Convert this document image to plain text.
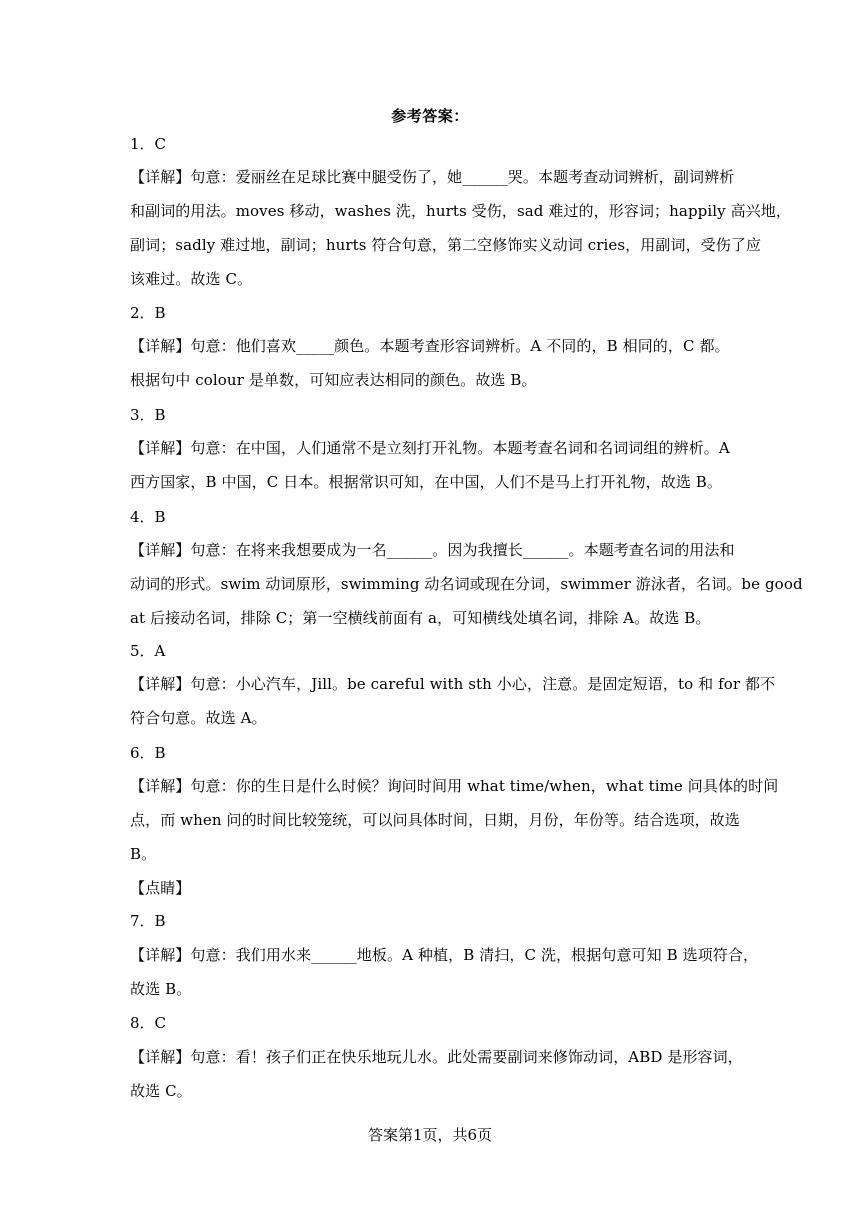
参考答案：
1．C
【详解】句意：爱丽丝在足球比赛中腿受伤了，她______哭。本题考查动词辨析，副词辨析
和副词的用法。moves 移动，washes 洗，hurts 受伤，sad 难过的，形容词；happily 高兴地，
副词；sadly 难过地，副词；hurts 符合句意，第二空修饰实义动词 cries，用副词，受伤了应
该难过。故选 C。
2．B
【详解】句意：他们喜欢_____颜色。本题考查形容词辨析。A 不同的，B 相同的，C 都。
根据句中 colour 是单数，可知应表达相同的颜色。故选 B。
3．B
【详解】句意：在中国，人们通常不是立刻打开礼物。本题考查名词和名词词组的辨析。A
西方国家，B 中国，C 日本。根据常识可知，在中国，人们不是马上打开礼物，故选 B。
4．B
【详解】句意：在将来我想要成为一名______。因为我擅长______。本题考查名词的用法和
动词的形式。swim 动词原形，swimming 动名词或现在分词，swimmer 游泳者，名词。be good
at 后接动名词，排除 C；第一空横线前面有 a，可知横线处填名词，排除 A。故选 B。
5．A
【详解】句意：小心汽车，Jill。be careful with sth 小心，注意。是固定短语，to 和 for 都不
符合句意。故选 A。
6．B
【详解】句意：你的生日是什么时候？询问时间用 what time/when，what time 问具体的时间
点，而 when 问的时间比较笼统，可以问具体时间，日期，月份，年份等。结合选项，故选
B。
【点睛】
7．B
【详解】句意：我们用水来______地板。A 种植，B 清扫，C 洗，根据句意可知 B 选项符合，
故选 B。
8．C
【详解】句意：看！孩子们正在快乐地玩儿水。此处需要副词来修饰动词，ABD 是形容词，
故选 C。
答案第1页，共6页
